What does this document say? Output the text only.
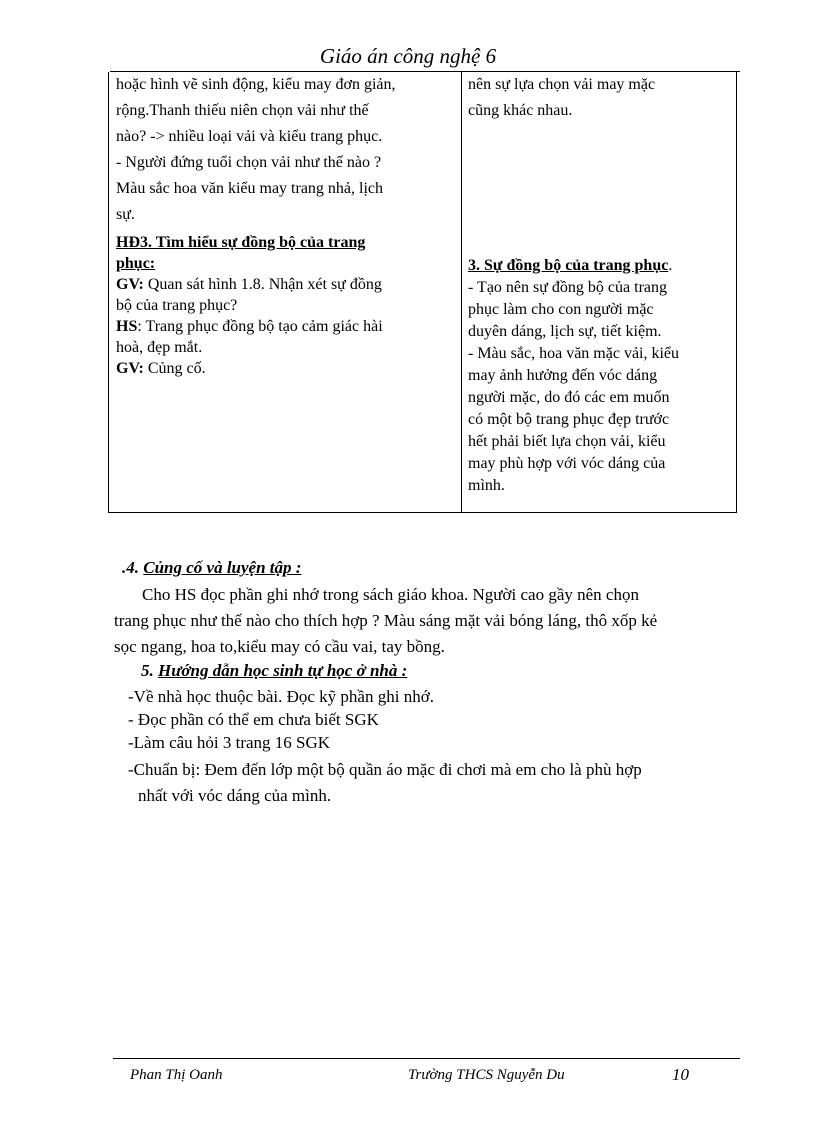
Giáo án công nghệ 6

hoặc hình vẽ sinh động, kiểu may đơn giản,

rộng.Thanh thiếu niên chọn vải như thế

nào? -> nhiều loại vải và kiểu trang phục.

- Người đứng tuổi chọn vải như thế nào ?

Màu sắc hoa văn kiểu may trang nhả, lịch

sự.

HĐ3. Tìm hiểu sự đồng bộ của trang

phục:

GV: Quan sát hình 1.8. Nhận xét sự đồng

bộ của trang phục?

HS: Trang phục đồng bộ tạo cảm giác hài

hoà, đẹp mắt.

GV: Củng cố.

nên sự lựa chọn vải may mặc

cũng khác nhau.

3. Sự đồng bộ của trang phục.

- Tạo nên sự đồng bộ của trang

phục làm cho con người mặc

duyên dáng, lịch sự, tiết kiệm.

- Màu sắc, hoa văn mặc vải, kiểu

may ảnh hưởng đến vóc dáng

người mặc, do đó các em muốn

có một bộ trang phục đẹp trước

hết phải biết lựa chọn vải, kiểu

may phù hợp với vóc dáng của

mình.

.4. Củng cố và luyện tập :

Cho HS đọc phần ghi nhớ trong sách giáo khoa. Người cao gầy nên chọn

trang phục như thế nào cho thích hợp ? Màu sáng mặt vải bóng láng, thô xốp kẻ

sọc ngang, hoa to,kiểu may có cầu vai, tay bồng.

5. Hướng dẫn học sinh tự học ở nhà :

-Về nhà học thuộc bài. Đọc kỹ phần ghi nhớ.

- Đọc phần có thể em chưa biết SGK

-Làm câu hỏi 3 trang 16 SGK

-Chuẩn bị: Đem đến lớp một bộ quần áo mặc đi chơi mà em cho là phù hợp

nhất với vóc dáng của mình.

Phan Thị Oanh	Trường THCS Nguyễn Du	10
